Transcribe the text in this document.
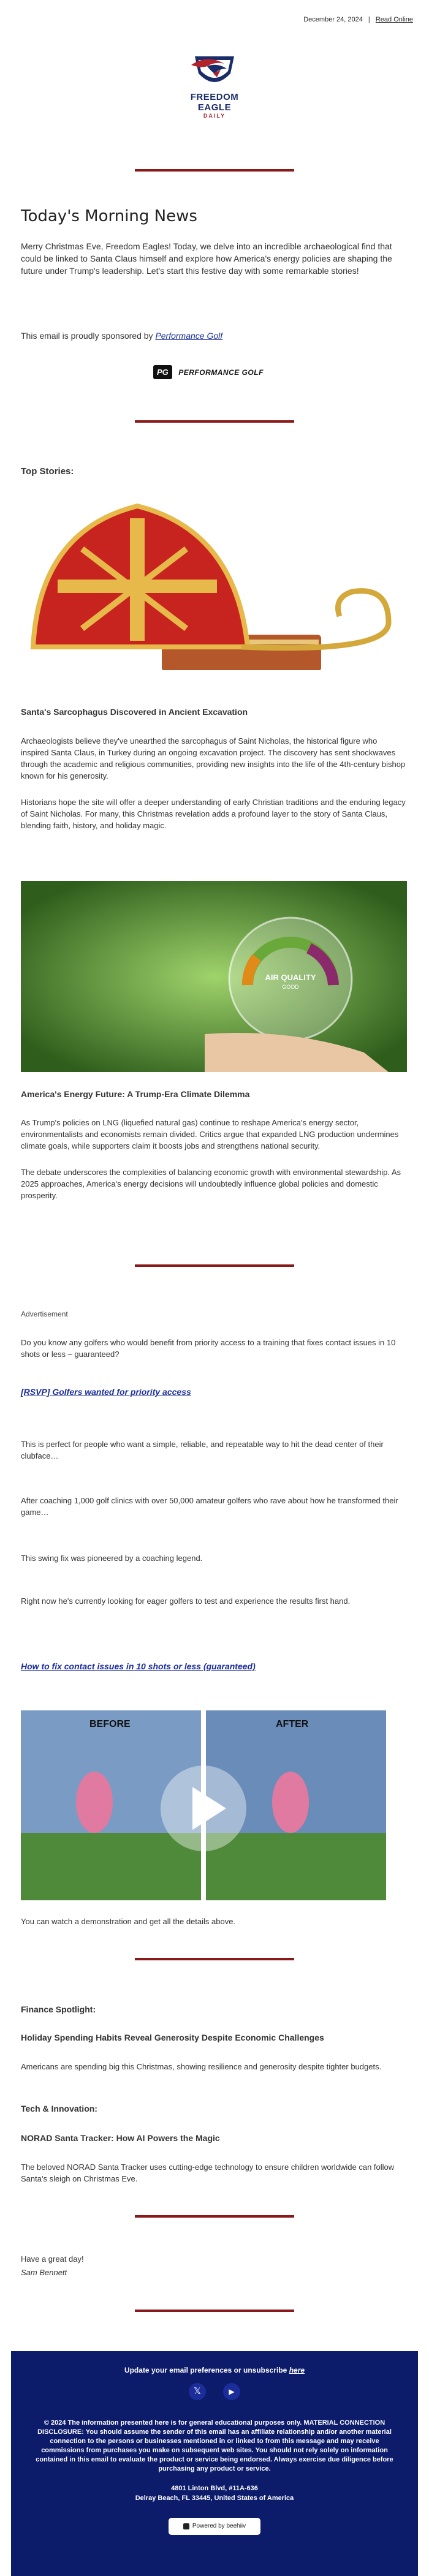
December 24, 2024 | Read Online
FREEDOM EAGLE
DAILY
Today's Morning News
Merry Christmas Eve, Freedom Eagles! Today, we delve into an incredible archaeological find that could be linked to Santa Claus himself and explore how America's energy policies are shaping the future under Trump's leadership. Let's start this festive day with some remarkable stories!
This email is proudly sponsored by Performance Golf
PG PERFORMANCE GOLF
Top Stories:
Santa's Sarcophagus Discovered in Ancient Excavation
Archaeologists believe they've unearthed the sarcophagus of Saint Nicholas, the historical figure who inspired Santa Claus, in Turkey during an ongoing excavation project. The discovery has sent shockwaves through the academic and religious communities, providing new insights into the life of the 4th-century bishop known for his generosity.
Historians hope the site will offer a deeper understanding of early Christian traditions and the enduring legacy of Saint Nicholas. For many, this Christmas revelation adds a profound layer to the story of Santa Claus, blending faith, history, and holiday magic.
AIR QUALITY
GOOD
America's Energy Future: A Trump-Era Climate Dilemma
As Trump's policies on LNG (liquefied natural gas) continue to reshape America's energy sector, environmentalists and economists remain divided. Critics argue that expanded LNG production undermines climate goals, while supporters claim it boosts jobs and strengthens national security.
The debate underscores the complexities of balancing economic growth with environmental stewardship. As 2025 approaches, America's energy decisions will undoubtedly influence global policies and domestic prosperity.
Advertisement
Do you know any golfers who would benefit from priority access to a training that fixes contact issues in 10 shots or less – guaranteed?
[RSVP] Golfers wanted for priority access
This is perfect for people who want a simple, reliable, and repeatable way to hit the dead center of their clubface…
After coaching 1,000 golf clinics with over 50,000 amateur golfers who rave about how he transformed their game…
This swing fix was pioneered by a coaching legend.
Right now he's currently looking for eager golfers to test and experience the results first hand.
How to fix contact issues in 10 shots or less (guaranteed)
BEFORE	AFTER
You can watch a demonstration and get all the details above.
Finance Spotlight:
Holiday Spending Habits Reveal Generosity Despite Economic Challenges
Americans are spending big this Christmas, showing resilience and generosity despite tighter budgets.
Tech & Innovation:
NORAD Santa Tracker: How AI Powers the Magic
The beloved NORAD Santa Tracker uses cutting-edge technology to ensure children worldwide can follow Santa's sleigh on Christmas Eve.
Have a great day!
Sam Bennett
Update your email preferences or unsubscribe here
𝕏	▶
© 2024 The information presented here is for general educational purposes only. MATERIAL CONNECTION DISCLOSURE: You should assume the sender of this email has an affiliate relationship and/or another material connection to the persons or businesses mentioned in or linked to from this message and may receive commissions from purchases you make on subsequent web sites. You should not rely solely on information contained in this email to evaluate the product or service being endorsed. Always exercise due diligence before purchasing any product or service.
4801 Linton Blvd, #11A-636
Delray Beach, FL 33445, United States of America
Powered by beehiiv
